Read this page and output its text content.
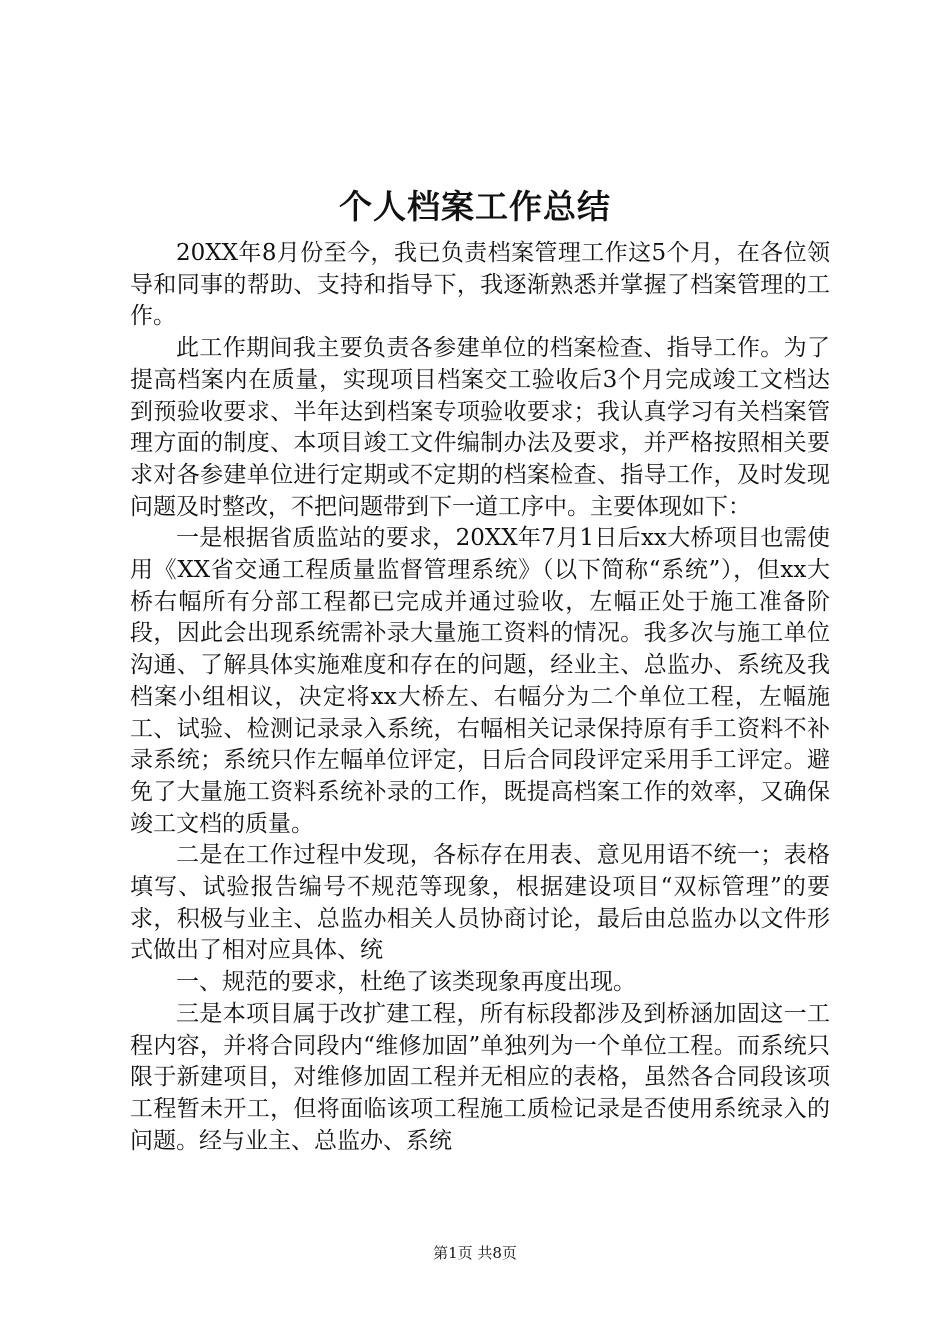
个人档案工作总结

20XX年8月份至今，我已负责档案管理工作这5个月，在各位领导和同事的帮助、支持和指导下，我逐渐熟悉并掌握了档案管理的工作。

此工作期间我主要负责各参建单位的档案检查、指导工作。为了提高档案内在质量，实现项目档案交工验收后3个月完成竣工文档达到预验收要求、半年达到档案专项验收要求；我认真学习有关档案管理方面的制度、本项目竣工文件编制办法及要求，并严格按照相关要求对各参建单位进行定期或不定期的档案检查、指导工作，及时发现问题及时整改，不把问题带到下一道工序中。主要体现如下：

一是根据省质监站的要求，20XX年7月1日后xx大桥项目也需使用《XX省交通工程质量监督管理系统》（以下简称“系统”），但xx大桥右幅所有分部工程都已完成并通过验收，左幅正处于施工准备阶段，因此会出现系统需补录大量施工资料的情况。我多次与施工单位沟通、了解具体实施难度和存在的问题，经业主、总监办、系统及我档案小组相议，决定将xx大桥左、右幅分为二个单位工程，左幅施工、试验、检测记录录入系统，右幅相关记录保持原有手工资料不补录系统；系统只作左幅单位评定，日后合同段评定采用手工评定。避免了大量施工资料系统补录的工作，既提高档案工作的效率，又确保竣工文档的质量。

二是在工作过程中发现，各标存在用表、意见用语不统一；表格填写、试验报告编号不规范等现象，根据建设项目“双标管理”的要求，积极与业主、总监办相关人员协商讨论，最后由总监办以文件形式做出了相对应具体、统

一、规范的要求，杜绝了该类现象再度出现。

三是本项目属于改扩建工程，所有标段都涉及到桥涵加固这一工程内容，并将合同段内“维修加固”单独列为一个单位工程。而系统只限于新建项目，对维修加固工程并无相应的表格，虽然各合同段该项工程暂未开工，但将面临该项工程施工质检记录是否使用系统录入的问题。经与业主、总监办、系统

第1页 共8页
